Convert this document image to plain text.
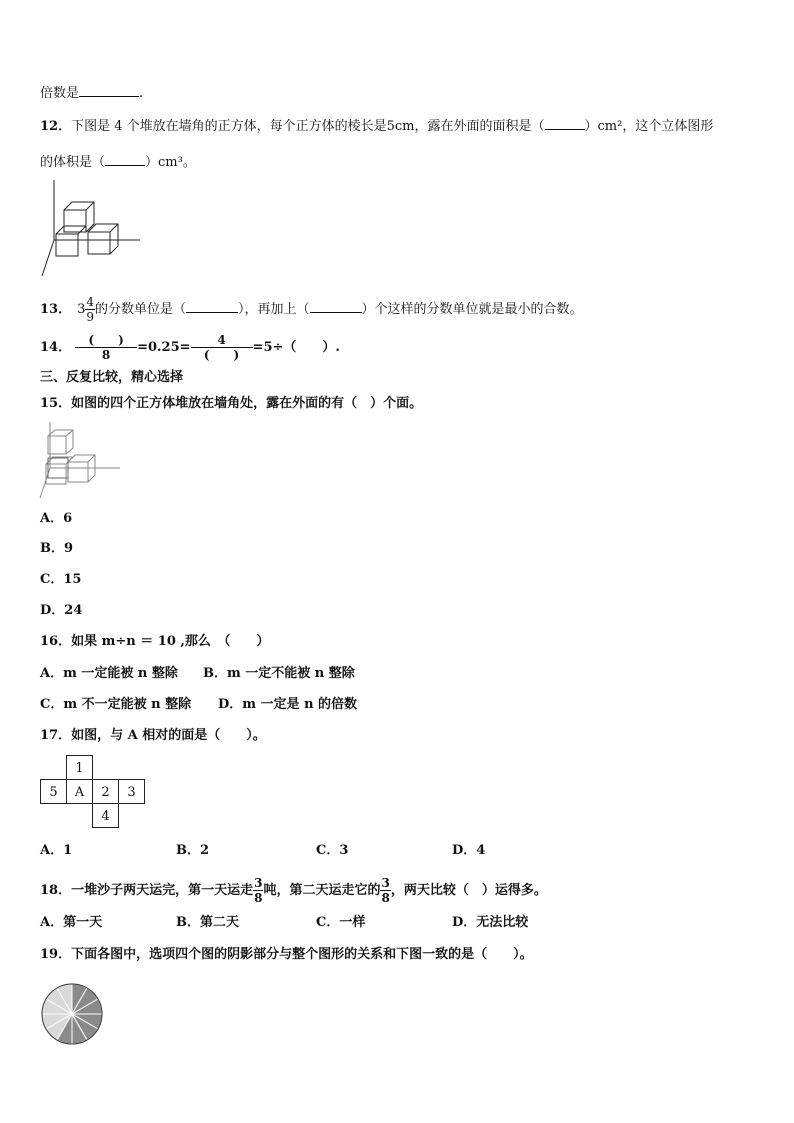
倍数是	.
12．下图是 4 个堆放在墙角的正方体，每个正方体的棱长是5cm，露在外面的面积是（	）cm²，这个立体图形
的体积是（	）cm³。
13． $3 \frac{4}{9}$ 的分数单位是（	），再加上（	）个这样的分数单位就是最小的合数。
14． $\frac{( )}{8} =0.25= \frac{4}{( )} =5\div$（　　）.
三、反复比较，精心选择
15．如图的四个正方体堆放在墙角处，露在外面的有（　）个面。
A．6
B．9
C．15
D．24
16．如果 m÷n ＝ 10 ,那么　（　　）
A．m 一定能被 n 整除 B．m 一定不能被 n 整除
C．m 不一定能被 n 整除 D．m 一定是 n 的倍数
17．如图，与 A 相对的面是（　　）。
1
5 A 2 3
4
A．1	B．2	C．3	D．4
18．一堆沙子两天运完，第一天运走 $\frac{3}{8}$ 吨，第二天运走它的 $\frac{3}{8}$ ，两天比较（　）运得多。
A．第一天	B．第二天	C．一样	D．无法比较
19．下面各图中，选项四个图的阴影部分与整个图形的关系和下图一致的是（　　）。
